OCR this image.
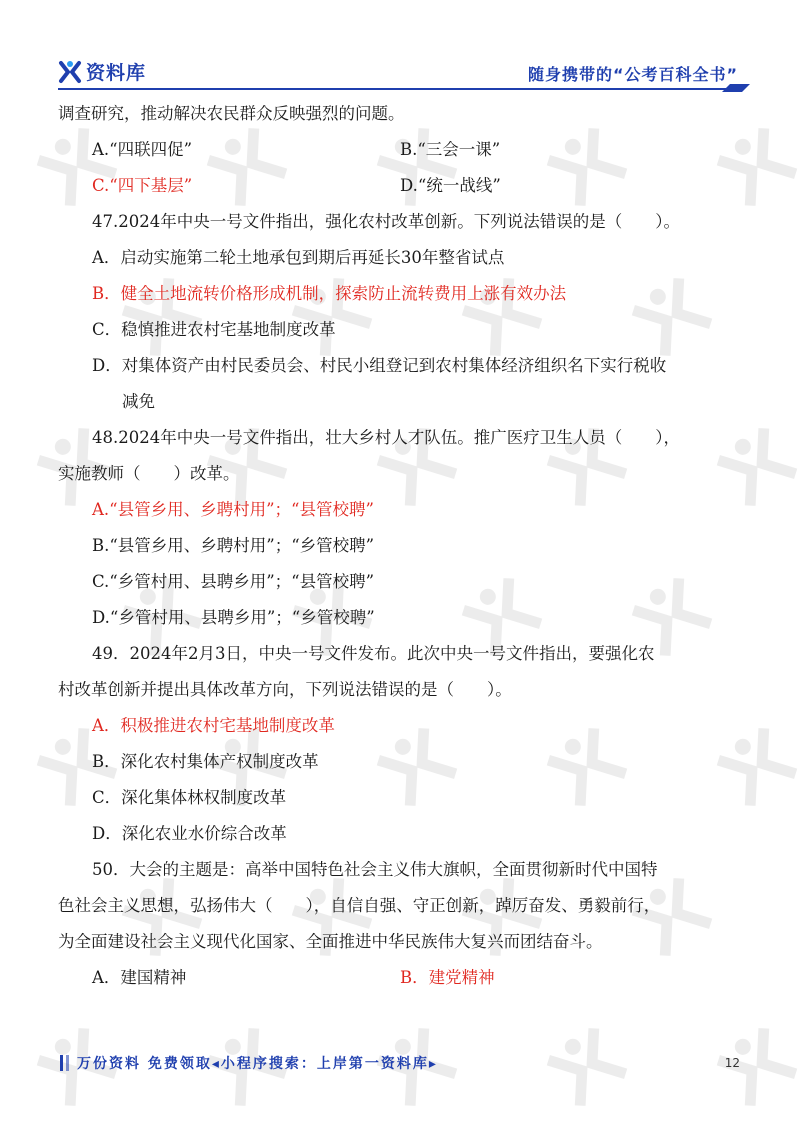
资料库	随身携带的“公考百科全书”
调查研究，推动解决农民群众反映强烈的问题。
A.“四联四促”	B.“三会一课”
C.“四下基层”	D.“统一战线”
47.2024年中央一号文件指出，强化农村改革创新。下列说法错误的是（　　）。
A．启动实施第二轮土地承包到期后再延长30年整省试点
B．健全土地流转价格形成机制，探索防止流转费用上涨有效办法
C．稳慎推进农村宅基地制度改革
D．对集体资产由村民委员会、村民小组登记到农村集体经济组织名下实行税收
减免
48.2024年中央一号文件指出，壮大乡村人才队伍。推广医疗卫生人员（　　），
实施教师（　　）改革。
A.“县管乡用、乡聘村用”；“县管校聘”
B.“县管乡用、乡聘村用”；“乡管校聘”
C.“乡管村用、县聘乡用”；“县管校聘”
D.“乡管村用、县聘乡用”；“乡管校聘”
49．2024年2月3日，中央一号文件发布。此次中央一号文件指出，要强化农
村改革创新并提出具体改革方向，下列说法错误的是（　　）。
A．积极推进农村宅基地制度改革
B．深化农村集体产权制度改革
C．深化集体林权制度改革
D．深化农业水价综合改革
50．大会的主题是：高举中国特色社会主义伟大旗帜，全面贯彻新时代中国特
色社会主义思想，弘扬伟大（　　），自信自强、守正创新，踔厉奋发、勇毅前行，
为全面建设社会主义现代化国家、全面推进中华民族伟大复兴而团结奋斗。
A．建国精神	B．建党精神
万份资料 免费领取◂小程序搜索：上岸第一资料库▸	12
